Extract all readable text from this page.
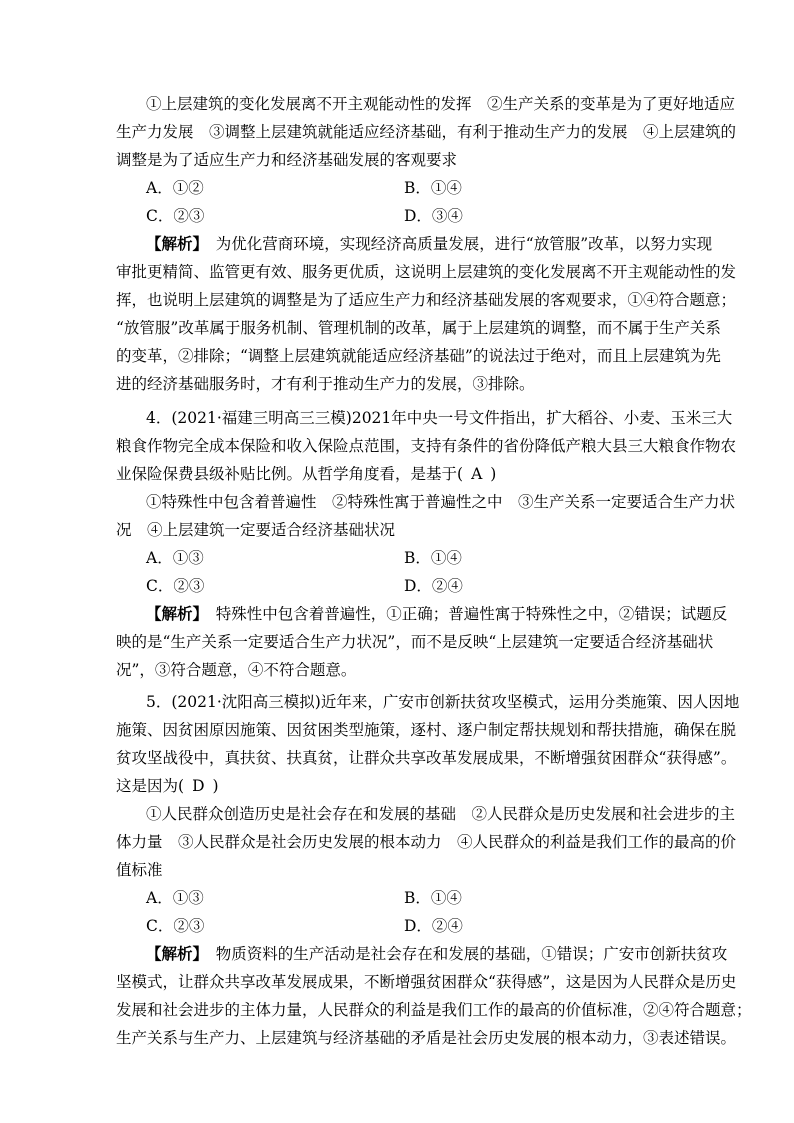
①上层建筑的变化发展离不开主观能动性的发挥　②生产关系的变革是为了更好地适应
生产力发展　③调整上层建筑就能适应经济基础，有利于推动生产力的发展　④上层建筑的
调整是为了适应生产力和经济基础发展的客观要求
A．①②	B．①④
C．②③	D．③④
【解析】　为优化营商环境，实现经济高质量发展，进行“放管服”改革，以努力实现
审批更精简、监管更有效、服务更优质，这说明上层建筑的变化发展离不开主观能动性的发
挥，也说明上层建筑的调整是为了适应生产力和经济基础发展的客观要求，①④符合题意；
“放管服”改革属于服务机制、管理机制的改革，属于上层建筑的调整，而不属于生产关系
的变革，②排除；“调整上层建筑就能适应经济基础”的说法过于绝对，而且上层建筑为先
进的经济基础服务时，才有利于推动生产力的发展，③排除。
4．(2021·福建三明高三三模)2021年中央一号文件指出，扩大稻谷、小麦、玉米三大
粮食作物完全成本保险和收入保险点范围，支持有条件的省份降低产粮大县三大粮食作物农
业保险保费县级补贴比例。从哲学角度看，是基于( A )
①特殊性中包含着普遍性　②特殊性寓于普遍性之中　③生产关系一定要适合生产力状
况　④上层建筑一定要适合经济基础状况
A．①③	B．①④
C．②③	D．②④
【解析】　特殊性中包含着普遍性，①正确；普遍性寓于特殊性之中，②错误；试题反
映的是“生产关系一定要适合生产力状况”，而不是反映“上层建筑一定要适合经济基础状
况”，③符合题意，④不符合题意。
5．(2021·沈阳高三模拟)近年来，广安市创新扶贫攻坚模式，运用分类施策、因人因地
施策、因贫困原因施策、因贫困类型施策，逐村、逐户制定帮扶规划和帮扶措施，确保在脱
贫攻坚战役中，真扶贫、扶真贫，让群众共享改革发展成果，不断增强贫困群众“获得感”。
这是因为( D )
①人民群众创造历史是社会存在和发展的基础　②人民群众是历史发展和社会进步的主
体力量　③人民群众是社会历史发展的根本动力　④人民群众的利益是我们工作的最高的价
值标准
A．①③	B．①④
C．②③	D．②④
【解析】　物质资料的生产活动是社会存在和发展的基础，①错误；广安市创新扶贫攻
坚模式，让群众共享改革发展成果，不断增强贫困群众“获得感”，这是因为人民群众是历史
发展和社会进步的主体力量，人民群众的利益是我们工作的最高的价值标准，②④符合题意；
生产关系与生产力、上层建筑与经济基础的矛盾是社会历史发展的根本动力，③表述错误。
